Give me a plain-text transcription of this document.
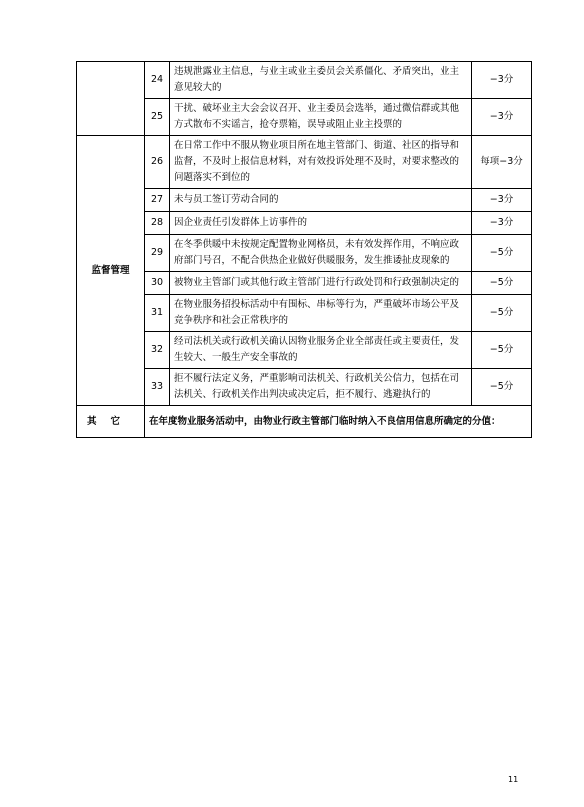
	24	违规泄露业主信息，与业主或业主委员会关系僵化、矛盾突出，业主意见较大的	−3分
	25	干扰、破坏业主大会会议召开、业主委员会选举，通过微信群或其他方式散布不实谣言，抢夺票箱，误导或阻止业主投票的	−3分
监督管理	26	在日常工作中不服从物业项目所在地主管部门、街道、社区的指导和监督，不及时上报信息材料，对有效投诉处理不及时，对要求整改的问题落实不到位的	每项−3分
	27	未与员工签订劳动合同的	−3分
	28	因企业责任引发群体上访事件的	−3分
	29	在冬季供暖中未按规定配置物业网格员，未有效发挥作用，不响应政府部门号召，不配合供热企业做好供暖服务，发生推诿扯皮现象的	−5分
	30	被物业主管部门或其他行政主管部门进行行政处罚和行政强制决定的	−5分
	31	在物业服务招投标活动中有围标、串标等行为，严重破坏市场公平及竞争秩序和社会正常秩序的	−5分
	32	经司法机关或行政机关确认因物业服务企业全部责任或主要责任，发生较大、一般生产安全事故的	−5分
	33	拒不履行法定义务，严重影响司法机关、行政机关公信力，包括在司法机关、行政机关作出判决或决定后，拒不履行、逃避执行的	−5分
其它	在年度物业服务活动中，由物业行政主管部门临时纳入不良信用信息所确定的分值：		
11
